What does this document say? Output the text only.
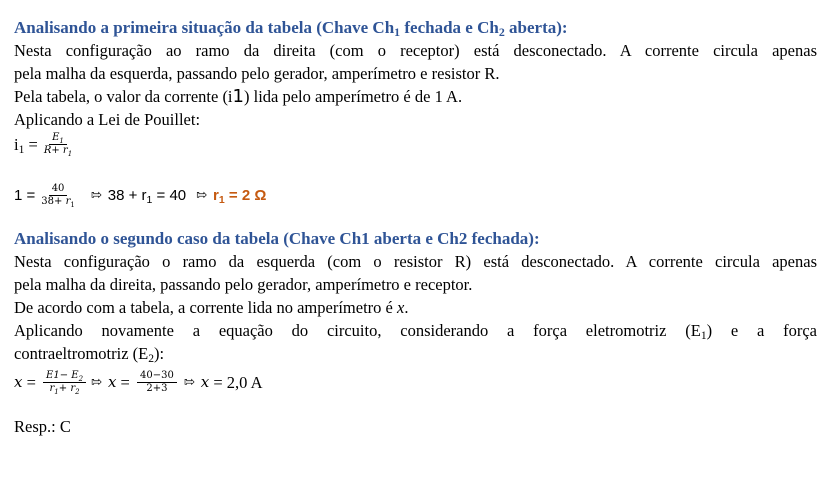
Analisando a primeira situação da tabela (Chave $Ch_1$ fechada e $Ch_2$ aberta):

Nesta configuração ao ramo da direita (com o receptor) está desconectado. A corrente circula apenas

pela malha da esquerda, passando pelo gerador, amperímetro e resistor R.

Pela tabela, o valor da corrente (i1) lida pelo amperímetro é de 1 A.

Aplicando a Lei de Pouillet:

$i_1 = \frac{E_1}{R+ r_1}$
$1 = \frac{40}{38+ r_1}$ ⇰ $38 + r_1 = 40$ ⇰ $r_1 = 2$ Ω

Analisando o segundo caso da tabela (Chave Ch1 aberta e Ch2 fechada):

Nesta configuração o ramo da esquerda (com o resistor R) está desconectado. A corrente circula apenas

pela malha da direita, passando pelo gerador, amperímetro e receptor.

De acordo com a tabela, a corrente lida no amperímetro é x.

Aplicando novamente a equação do circuito, considerando a força eletromotriz $(E_1)$ e a força

contraeltromotriz $(E_2)$:

$x = \frac{E1- E_2}{r_1+ r_2}$ ⇰ $x = \frac{40-30}{2+3}$ ⇰ x = 2,0 A

Resp.: C
